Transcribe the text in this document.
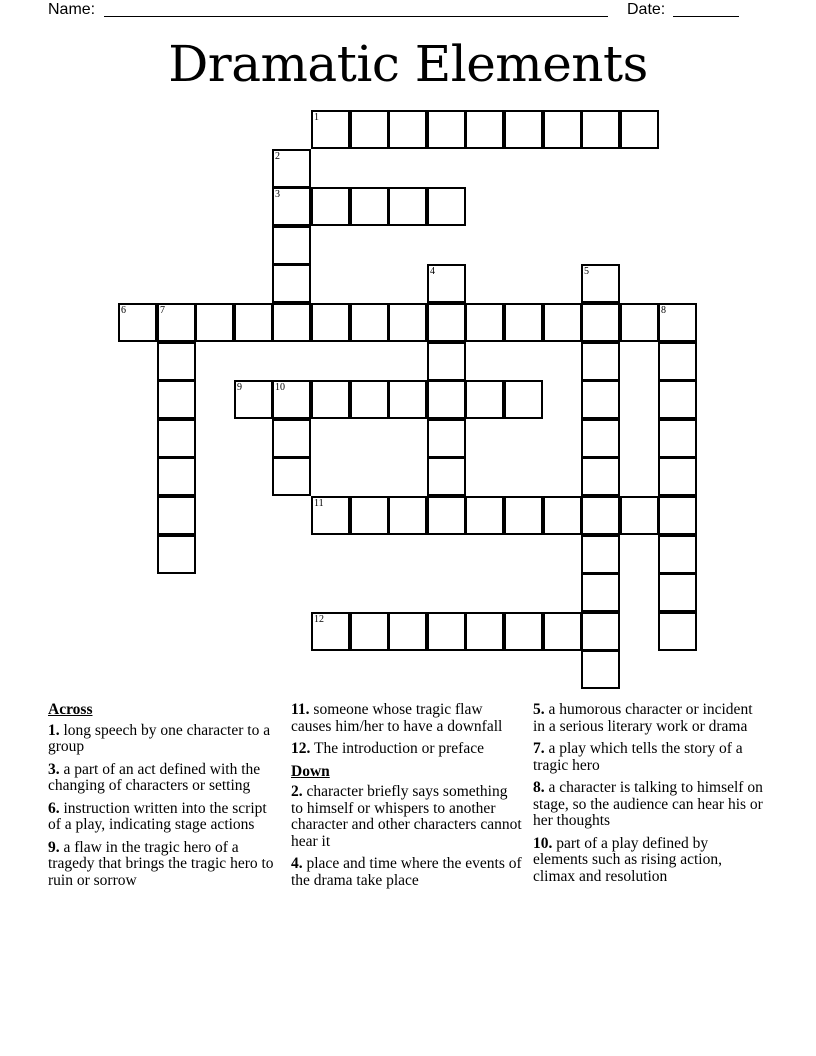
Name:	Date:
Dramatic Elements
1
2
3
4	5
6	7	8
9	10
11
12
Across
1. long speech by one character to a group
3. a part of an act defined with the changing of characters or setting
6. instruction written into the script of a play, indicating stage actions
9. a flaw in the tragic hero of a tragedy that brings the tragic hero to ruin or sorrow
11. someone whose tragic flaw causes him/her to have a downfall
12. The introduction or preface
Down
2. character briefly says something to himself or whispers to another character and other characters cannot hear it
4. place and time where the events of the drama take place
5. a humorous character or incident in a serious literary work or drama
7. a play which tells the story of a tragic hero
8. a character is talking to himself on stage, so the audience can hear his or her thoughts
10. part of a play defined by elements such as rising action, climax and resolution
